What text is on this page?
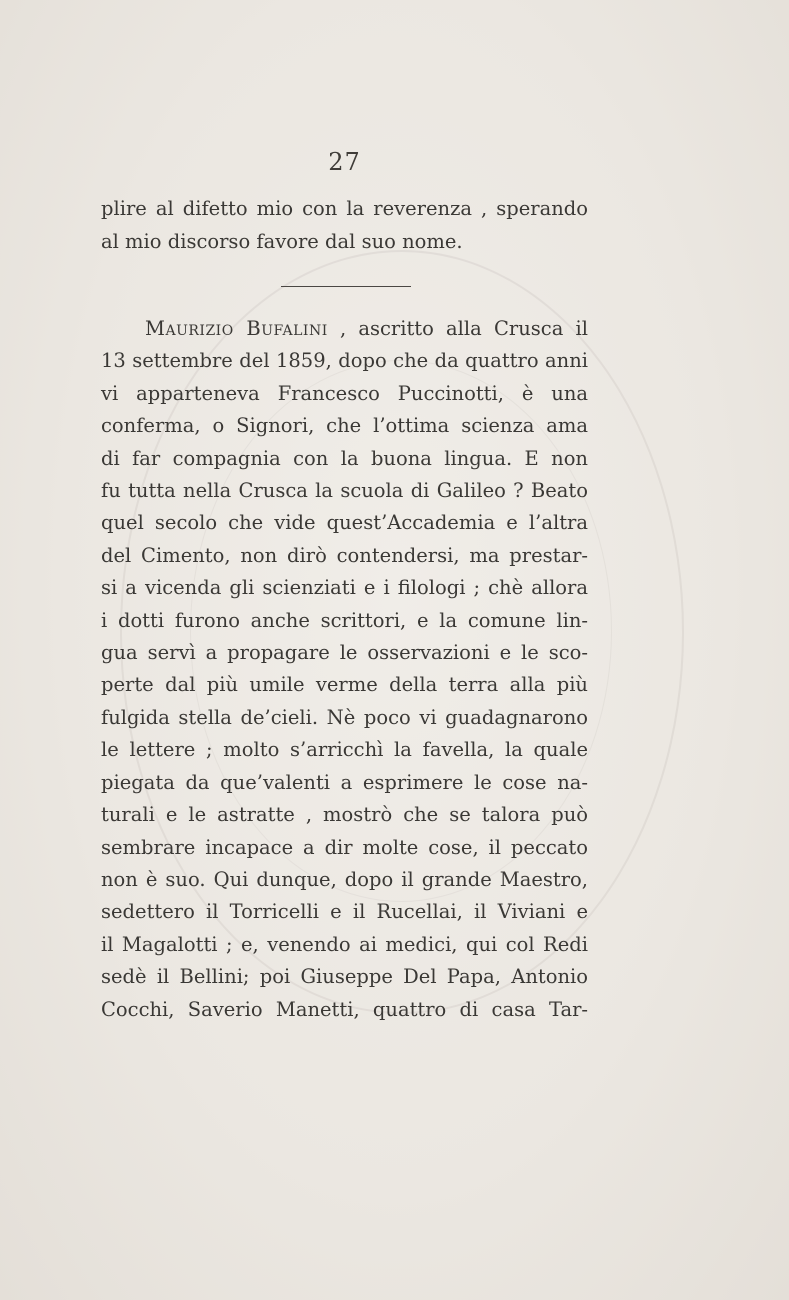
27
plire al difetto mio con la reverenza , sperando
al mio discorso favore dal suo nome.
Maurizio Bufalini , ascritto alla Crusca il
13 settembre del 1859, dopo che da quattro anni
vi apparteneva Francesco Puccinotti, è una
conferma, o Signori, che l’ottima scienza ama
di far compagnia con la buona lingua. E non
fu tutta nella Crusca la scuola di Galileo ? Beato
quel secolo che vide quest’Accademia e l’altra
del Cimento, non dirò contendersi, ma prestar-
si a vicenda gli scienziati e i filologi ; chè allora
i dotti furono anche scrittori, e la comune lin-
gua servì a propagare le osservazioni e le sco-
perte dal più umile verme della terra alla più
fulgida stella de’cieli. Nè poco vi guadagnarono
le lettere ; molto s’arricchì la favella, la quale
piegata da que’valenti a esprimere le cose na-
turali e le astratte , mostrò che se talora può
sembrare incapace a dir molte cose, il peccato
non è suo. Qui dunque, dopo il grande Maestro,
sedettero il Torricelli e il Rucellai, il Viviani e
il Magalotti ; e, venendo ai medici, qui col Redi
sedè il Bellini; poi Giuseppe Del Papa, Antonio
Cocchi, Saverio Manetti, quattro di casa Tar-
